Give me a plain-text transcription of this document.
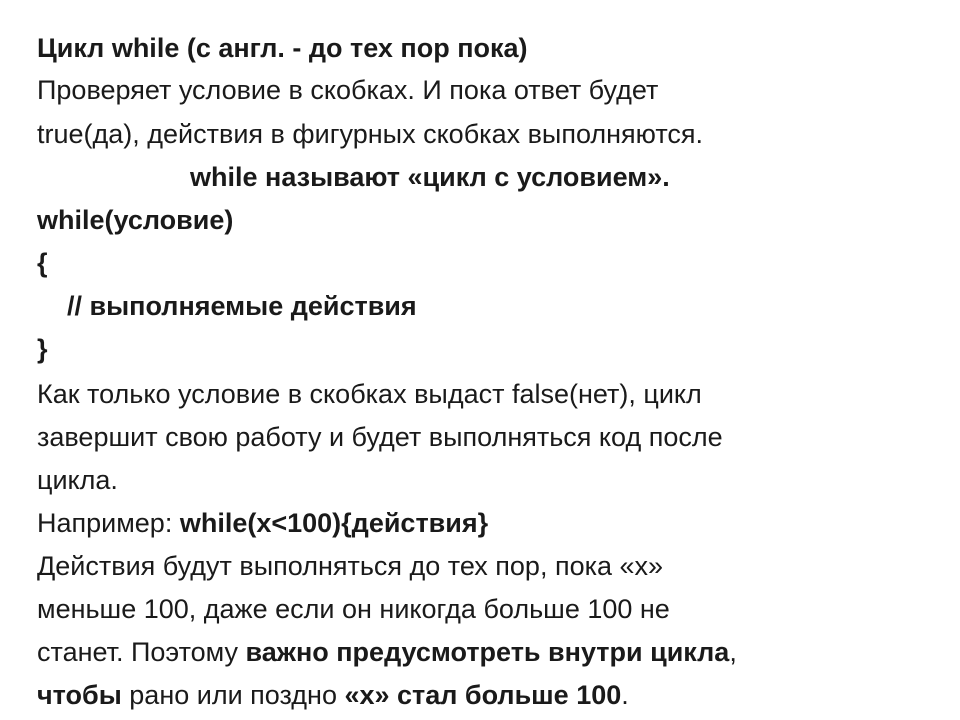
Цикл while (с англ. - до тех пор пока)
Проверяет условие в скобках. И пока ответ будет
true(да), действия в фигурных скобках выполняются.
while называют «цикл с условием».
while(условие)
{
// выполняемые действия
}
Как только условие в скобках выдаст false(нет), цикл
завершит свою работу и будет выполняться код после
цикла.
Например: while(x<100){действия}
Действия будут выполняться до тех пор, пока «х»
меньше 100, даже если он никогда больше 100 не
станет. Поэтому важно предусмотреть внутри цикла,
чтобы рано или поздно «х» стал больше 100.
